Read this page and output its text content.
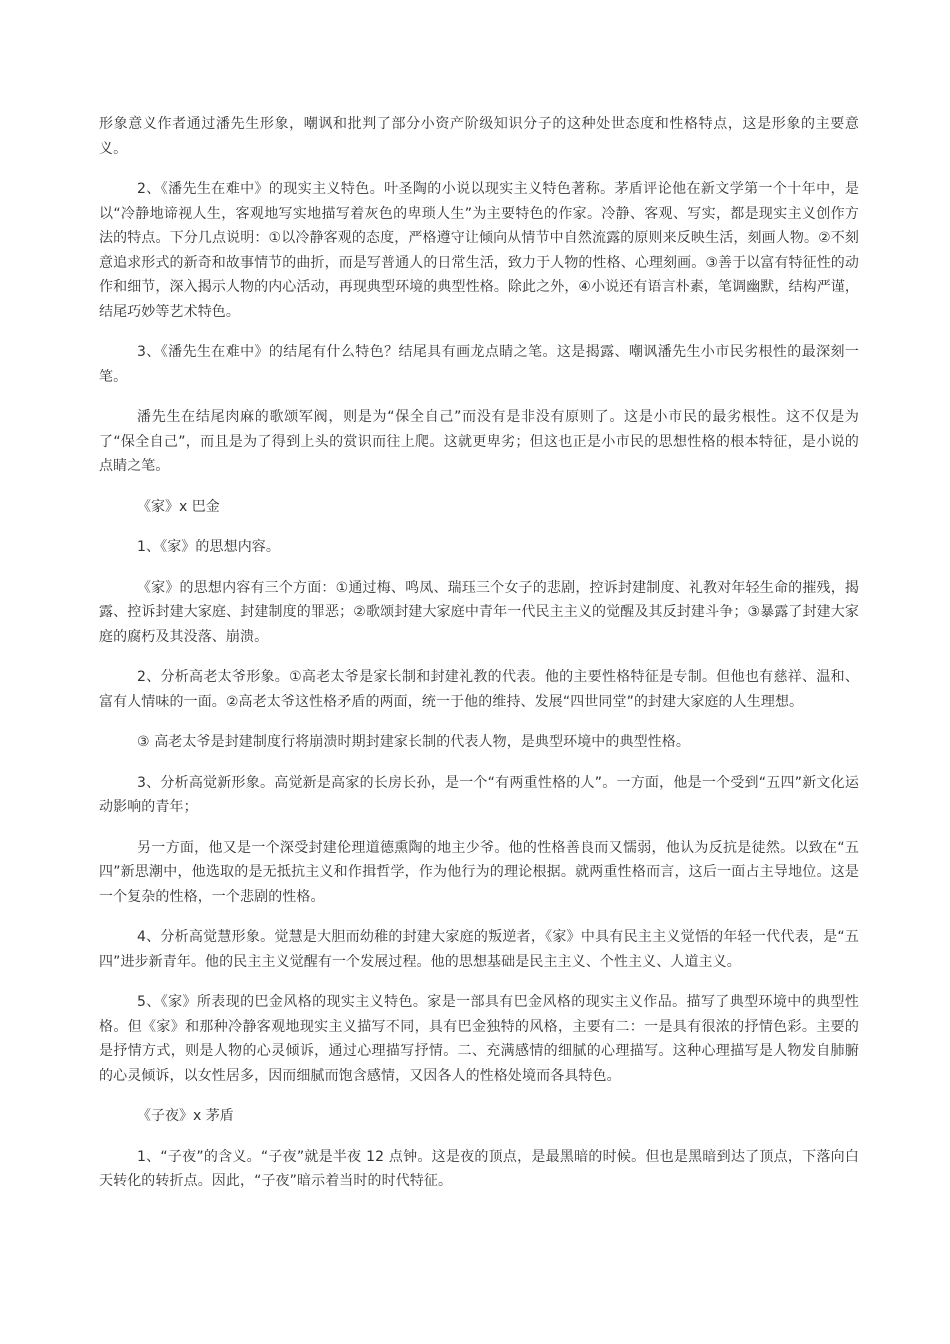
形象意义作者通过潘先生形象，嘲讽和批判了部分小资产阶级知识分子的这种处世态度和性格特点，这是形象的主要意义。

2、《潘先生在难中》的现实主义特色。叶圣陶的小说以现实主义特色著称。茅盾评论他在新文学第一个十年中，是以“冷静地谛视人生，客观地写实地描写着灰色的卑琐人生”为主要特色的作家。冷静、客观、写实，都是现实主义创作方法的特点。下分几点说明：①以冷静客观的态度，严格遵守让倾向从情节中自然流露的原则来反映生活，刻画人物。②不刻意追求形式的新奇和故事情节的曲折，而是写普通人的日常生活，致力于人物的性格、心理刻画。③善于以富有特征性的动作和细节，深入揭示人物的内心活动，再现典型环境的典型性格。除此之外，④小说还有语言朴素，笔调幽默，结构严谨，结尾巧妙等艺术特色。

3、《潘先生在难中》的结尾有什么特色？结尾具有画龙点睛之笔。这是揭露、嘲讽潘先生小市民劣根性的最深刻一笔。

潘先生在结尾肉麻的歌颂军阀，则是为“保全自己”而没有是非没有原则了。这是小市民的最劣根性。这不仅是为了“保全自己”，而且是为了得到上头的赏识而往上爬。这就更卑劣；但这也正是小市民的思想性格的根本特征，是小说的点睛之笔。

《家》x 巴金

1、《家》的思想内容。

《家》的思想内容有三个方面：①通过梅、鸣凤、瑞珏三个女子的悲剧，控诉封建制度、礼教对年轻生命的摧残，揭露、控诉封建大家庭、封建制度的罪恶；②歌颂封建大家庭中青年一代民主主义的觉醒及其反封建斗争；③暴露了封建大家庭的腐朽及其没落、崩溃。

2、分析高老太爷形象。①高老太爷是家长制和封建礼教的代表。他的主要性格特征是专制。但他也有慈祥、温和、富有人情味的一面。②高老太爷这性格矛盾的两面，统一于他的维持、发展“四世同堂”的封建大家庭的人生理想。

③ 高老太爷是封建制度行将崩溃时期封建家长制的代表人物，是典型环境中的典型性格。

3、分析高觉新形象。高觉新是高家的长房长孙，是一个“有两重性格的人”。一方面，他是一个受到“五四”新文化运动影响的青年；

另一方面，他又是一个深受封建伦理道德熏陶的地主少爷。他的性格善良而又懦弱，他认为反抗是徒然。以致在“五四”新思潮中，他选取的是无抵抗主义和作揖哲学，作为他行为的理论根据。就两重性格而言，这后一面占主导地位。这是一个复杂的性格，一个悲剧的性格。

4、分析高觉慧形象。觉慧是大胆而幼稚的封建大家庭的叛逆者，《家》中具有民主主义觉悟的年轻一代代表，是“五四”进步新青年。他的民主主义觉醒有一个发展过程。他的思想基础是民主主义、个性主义、人道主义。

5、《家》所表现的巴金风格的现实主义特色。家是一部具有巴金风格的现实主义作品。描写了典型环境中的典型性格。但《家》和那种冷静客观地现实主义描写不同，具有巴金独特的风格，主要有二：一是具有很浓的抒情色彩。主要的是抒情方式，则是人物的心灵倾诉，通过心理描写抒情。二、充满感情的细腻的心理描写。这种心理描写是人物发自肺腑的心灵倾诉，以女性居多，因而细腻而饱含感情，又因各人的性格处境而各具特色。

《子夜》x 茅盾

1、“子夜”的含义。“子夜”就是半夜 12 点钟。这是夜的顶点，是最黑暗的时候。但也是黑暗到达了顶点，下落向白天转化的转折点。因此，“子夜”暗示着当时的时代特征。
